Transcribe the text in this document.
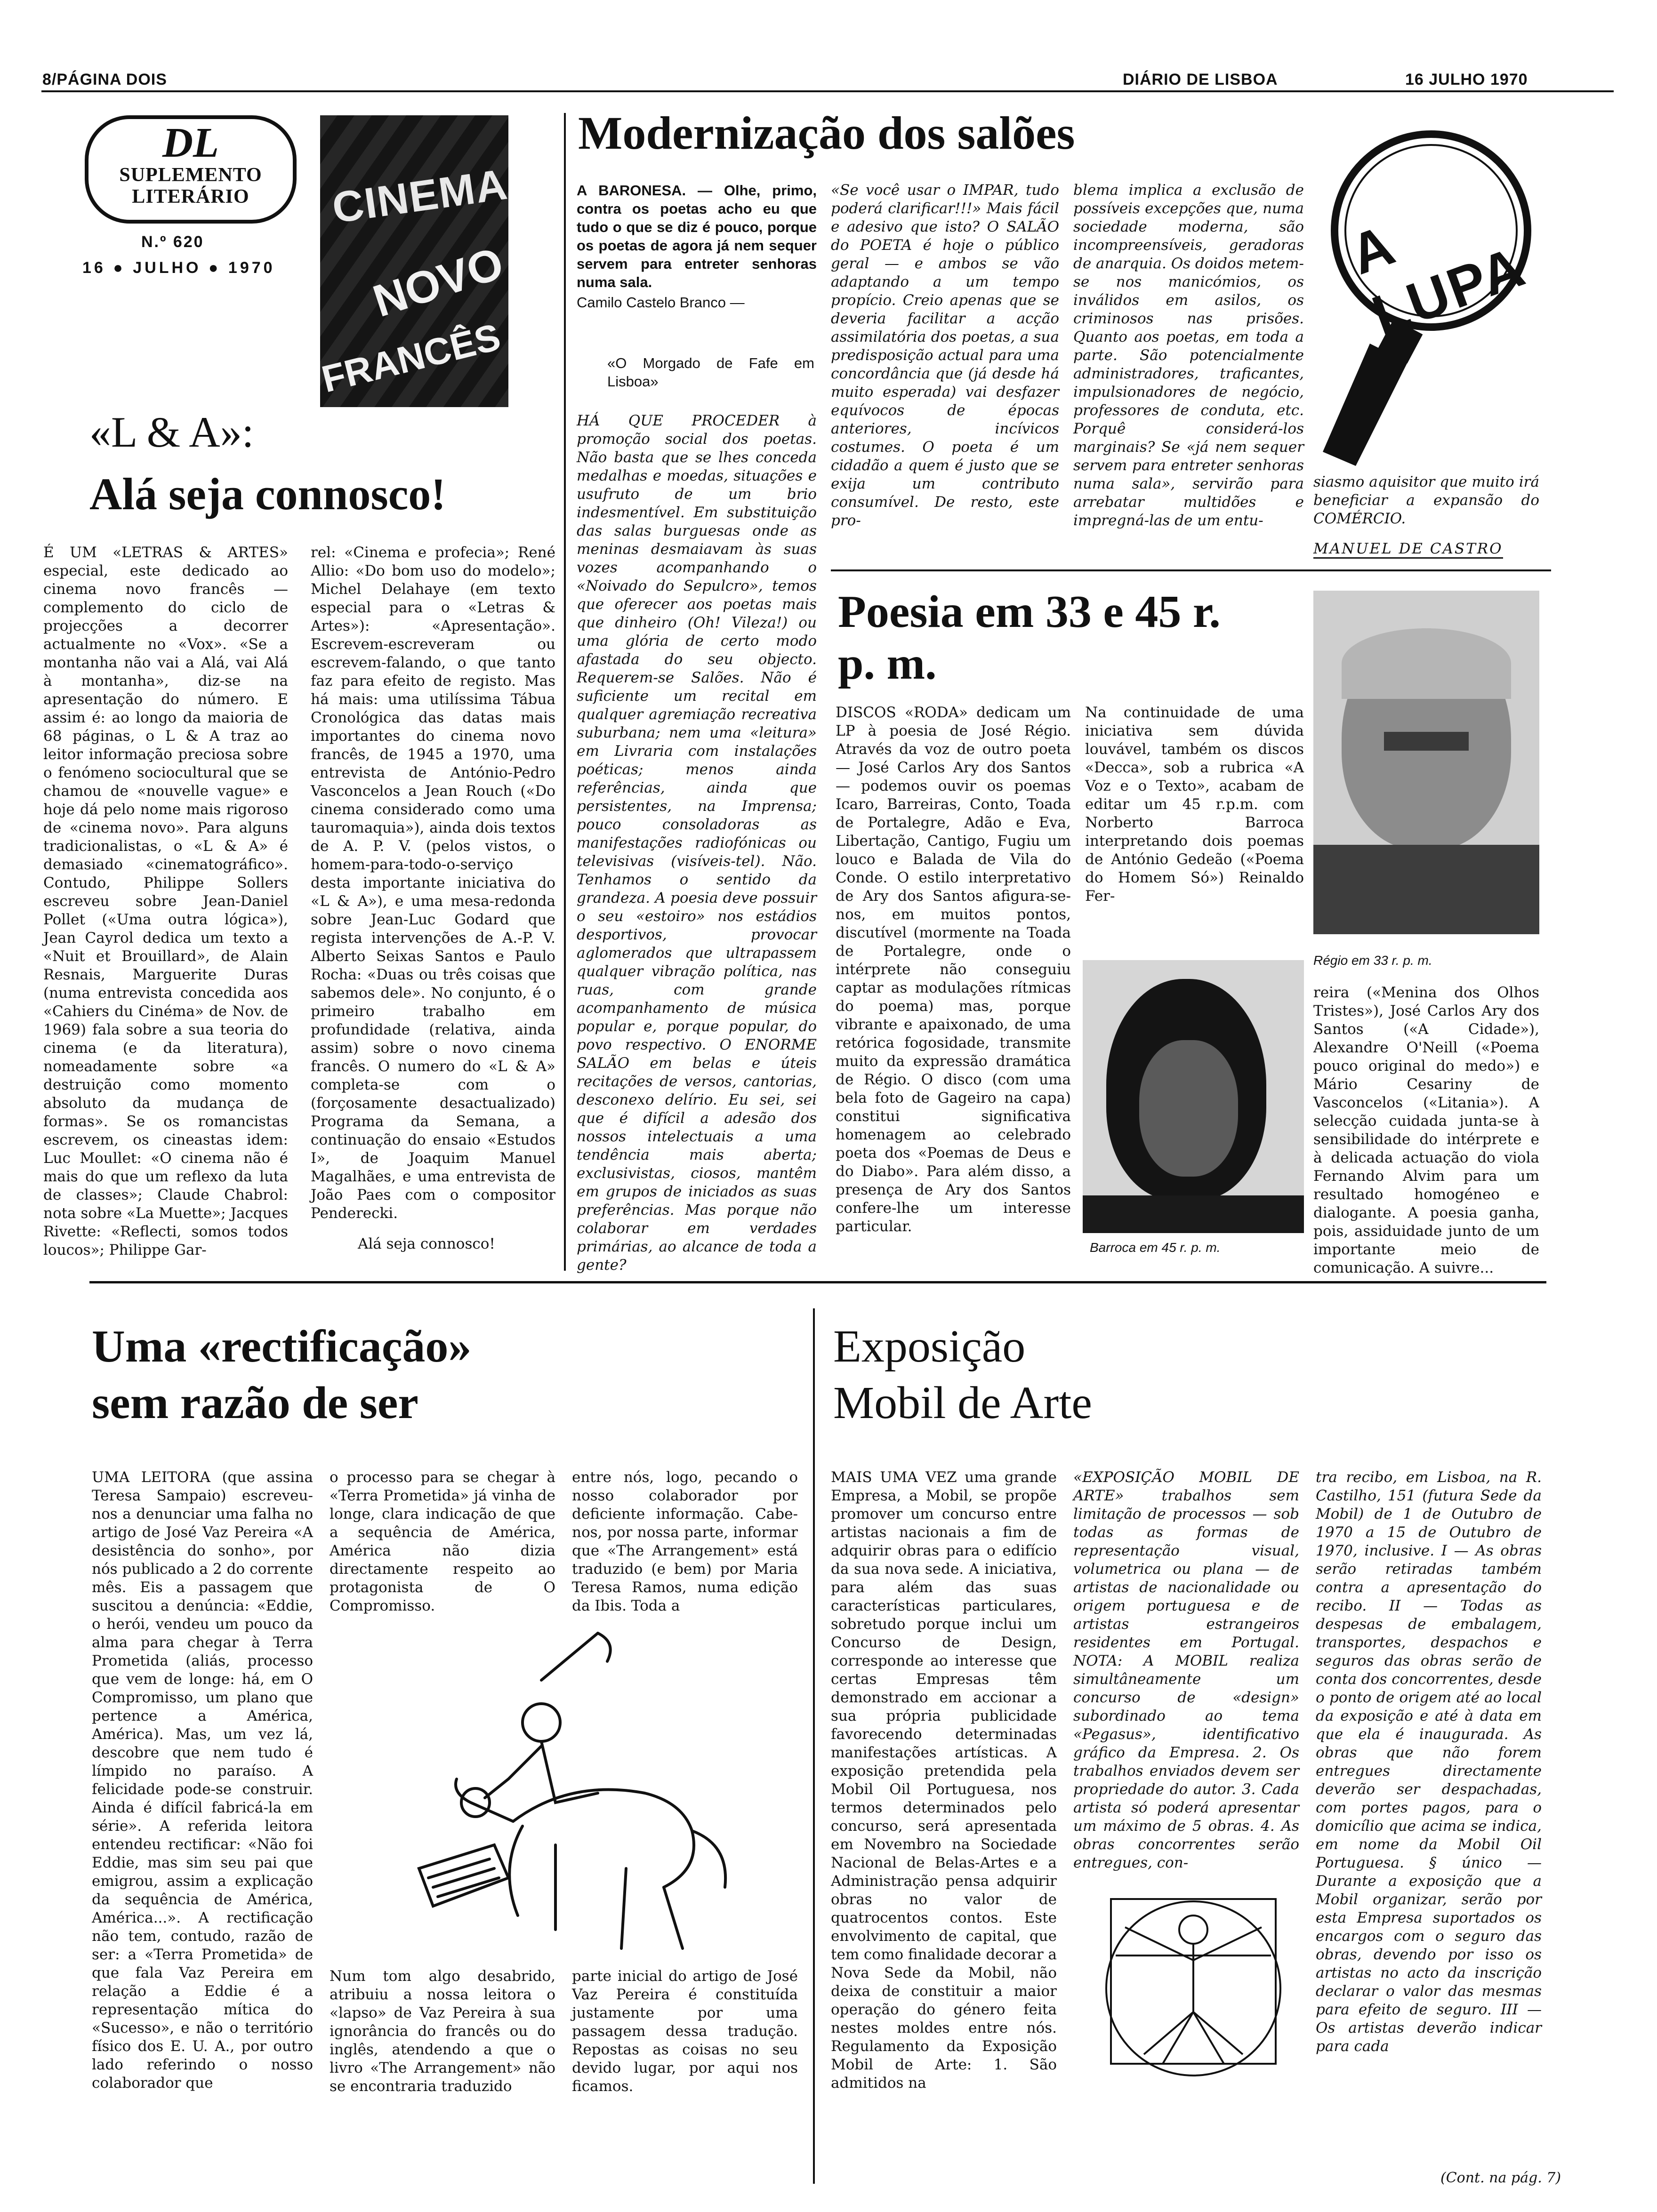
8/PÁGINA DOIS	DIÁRIO DE LISBOA	16 JULHO 1970
DL
SUPLEMENTO
LITERÁRIO
N.º 620
16 ● JULHO ● 1970
CINEMA
NOVO
FRANCÊS
«L & A»:
Alá seja connosco!

É UM «LETRAS & ARTES» especial, este dedicado ao cinema novo francês — complemento do ciclo de projecções a decorrer actualmente no «Vox». «Se a montanha não vai a Alá, vai Alá à montanha», diz-se na apresentação do número. E assim é: ao longo da maioria de 68 páginas, o L & A traz ao leitor informação preciosa sobre o fenómeno sociocultural que se chamou de «nouvelle vague» e hoje dá pelo nome mais rigoroso de «cinema novo». Para alguns tradicionalistas, o «L & A» é demasiado «cinematográfico». Contudo, Philippe Sollers escreveu sobre Jean-Daniel Pollet («Uma outra lógica»), Jean Cayrol dedica um texto a «Nuit et Brouillard», de Alain Resnais, Marguerite Duras (numa entrevista concedida aos «Cahiers du Cinéma» de Nov. de 1969) fala sobre a sua teoria do cinema (e da literatura), nomeadamente sobre «a destruição como momento absoluto da mudança de formas». Se os romancistas escrevem, os cineastas idem: Luc Moullet: «O cinema não é mais do que um reflexo da luta de classes»; Claude Chabrol: nota sobre «La Muette»; Jacques Rivette: «Reflecti, somos todos loucos»; Philippe Gar-

rel: «Cinema e profecia»; René Allio: «Do bom uso do modelo»; Michel Delahaye (em texto especial para o «Letras & Artes»): «Apresentação». Escrevem-escreveram ou escrevem-falando, o que tanto faz para efeito de registo. Mas há mais: uma utilíssima Tábua Cronológica das datas mais importantes do cinema novo francês, de 1945 a 1970, uma entrevista de António-Pedro Vasconcelos a Jean Rouch («Do cinema considerado como uma tauromaquia»), ainda dois textos de A. P. V. (pelos vistos, o homem-para-todo-o-serviço desta importante iniciativa do «L & A»), e uma mesa-redonda sobre Jean-Luc Godard que regista intervenções de A.-P. V. Alberto Seixas Santos e Paulo Rocha: «Duas ou três coisas que sabemos dele». No conjunto, é o primeiro trabalho em profundidade (relativa, ainda assim) sobre o novo cinema francês. O numero do «L & A» completa-se com o (forçosamente desactualizado) Programa da Semana, a continuação do ensaio «Estudos I», de Joaquim Manuel Magalhães, e uma entrevista de João Paes com o compositor Penderecki.

Alá seja connosco!
Modernização dos salões

A BARONESA. — Olhe, primo, contra os poetas acho eu que tudo o que se diz é pouco, porque os poetas de agora já nem sequer servem para entreter senhoras numa sala.

Camilo Castelo Branco —

«O Morgado de Fafe em Lisboa»

HÁ QUE PROCEDER à promoção social dos poetas. Não basta que se lhes conceda medalhas e moedas, situações e usufruto de um brio indesmentível. Em substituição das salas burguesas onde as meninas desmaiavam às suas vozes acompanhando o «Noivado do Sepulcro», temos que oferecer aos poetas mais que dinheiro (Oh! Vileza!) ou uma glória de certo modo afastada do seu objecto. Requerem-se Salões. Não é suficiente um recital em qualquer agremiação recreativa suburbana; nem uma «leitura» em Livraria com instalações poéticas; menos ainda referências, ainda que persistentes, na Imprensa; pouco consoladoras as manifestações radiofónicas ou televisivas (visíveis-tel). Não. Tenhamos o sentido da grandeza. A poesia deve possuir o seu «estoiro» nos estádios desportivos, provocar aglomerados que ultrapassem qualquer vibração política, nas ruas, com grande acompanhamento de música popular e, porque popular, do povo respectivo. O ENORME SALÃO em belas e úteis recitações de versos, cantorias, desconexo delírio. Eu sei, sei que é difícil a adesão dos nossos intelectuais a uma tendência mais aberta; exclusivistas, ciosos, mantêm em grupos de iniciados as suas preferências. Mas porque não colaborar em verdades primárias, ao alcance de toda a gente?

«Se você usar o IMPAR, tudo poderá clarificar!!!» Mais fácil e adesivo que isto? O SALÃO do POETA é hoje o público geral — e ambos se vão adaptando a um tempo propício. Creio apenas que se deveria facilitar a acção assimilatória dos poetas, a sua predisposição actual para uma concordância que (já desde há muito esperada) vai desfazer equívocos de épocas anteriores, incívicos costumes. O poeta é um cidadão a quem é justo que se exija um contributo consumível. De resto, este pro-

blema implica a exclusão de possíveis excepções que, numa sociedade moderna, são incompreensíveis, geradoras de anarquia. Os doidos metem-se nos manicómios, os inválidos em asilos, os criminosos nas prisões. Quanto aos poetas, em toda a parte. São potencialmente administradores, traficantes, impulsionadores de negócio, professores de conduta, etc. Porquê considerá-los marginais? Se «já nem sequer servem para entreter senhoras numa sala», servirão para arrebatar multidões e impregná-las de um entu-

A LUPA

siasmo aquisitor que muito irá beneficiar a expansão do COMÉRCIO.

MANUEL DE CASTRO
Poesia em 33 e 45 r. p. m.

DISCOS «RODA» dedicam um LP à poesia de José Régio. Através da voz de outro poeta — José Carlos Ary dos Santos — podemos ouvir os poemas Icaro, Barreiras, Conto, Toada de Portalegre, Adão e Eva, Libertação, Cantigo, Fugiu um louco e Balada de Vila do Conde. O estilo interpretativo de Ary dos Santos afigura-se-nos, em muitos pontos, discutível (mormente na Toada de Portalegre, onde o intérprete não conseguiu captar as modulações rítmicas do poema) mas, porque vibrante e apaixonado, de uma retórica fogosidade, transmite muito da expressão dramática de Régio. O disco (com uma bela foto de Gageiro na capa) constitui significativa homenagem ao celebrado poeta dos «Poemas de Deus e do Diabo». Para além disso, a presença de Ary dos Santos confere-lhe um interesse particular.

Na continuidade de uma iniciativa sem dúvida louvável, também os discos «Decca», sob a rubrica «A Voz e o Texto», acabam de editar um 45 r.p.m. com Norberto Barroca interpretando dois poemas de António Gedeão («Poema do Homem Só») Reinaldo Fer-

Barroca em 45 r. p. m.
Régio em 33 r. p. m.

reira («Menina dos Olhos Tristes»), José Carlos Ary dos Santos («A Cidade»), Alexandre O'Neill («Poema pouco original do medo») e Mário Cesariny de Vasconcelos («Litania»). A selecção cuidada junta-se à sensibilidade do intérprete e à delicada actuação do viola Fernando Alvim para um resultado homogéneo e dialogante. A poesia ganha, pois, assiduidade junto de um importante meio de comunicação. A suivre...

Uma «rectificação»
sem razão de ser

UMA LEITORA (que assina Teresa Sampaio) escreveu-nos a denunciar uma falha no artigo de José Vaz Pereira «A desistência do sonho», por nós publicado a 2 do corrente mês. Eis a passagem que suscitou a denúncia: «Eddie, o herói, vendeu um pouco da alma para chegar à Terra Prometida (aliás, processo que vem de longe: há, em O Compromisso, um plano que pertence a América, América). Mas, um vez lá, descobre que nem tudo é límpido no paraíso. A felicidade pode-se construir. Ainda é difícil fabricá-la em série». A referida leitora entendeu rectificar: «Não foi Eddie, mas sim seu pai que emigrou, assim a explicação da sequência de América, América...». A rectificação não tem, contudo, razão de ser: a «Terra Prometida» de que fala Vaz Pereira em relação a Eddie é a representação mítica do «Sucesso», e não o território físico dos E. U. A., por outro lado referindo o nosso colaborador que

o processo para se chegar à «Terra Prometida» já vinha de longe, clara indicação de que a sequência de América, América não dizia directamente respeito ao protagonista de O Compromisso.

entre nós, logo, pecando o nosso colaborador por deficiente informação. Cabe-nos, por nossa parte, informar que «The Arrangement» está traduzido (e bem) por Maria Teresa Ramos, numa edição da Ibis. Toda a

Num tom algo desabrido, atribuiu a nossa leitora o «lapso» de Vaz Pereira à sua ignorância do francês ou do inglês, atendendo a que o livro «The Arrangement» não se encontraria traduzido

parte inicial do artigo de José Vaz Pereira é constituída justamente por uma passagem dessa tradução. Repostas as coisas no seu devido lugar, por aqui nos ficamos.

Exposição
Mobil de Arte

MAIS UMA VEZ uma grande Empresa, a Mobil, se propõe promover um concurso entre artistas nacionais a fim de adquirir obras para o edifício da sua nova sede. A iniciativa, para além das suas características particulares, sobretudo porque inclui um Concurso de Design, corresponde ao interesse que certas Empresas têm demonstrado em accionar a sua própria publicidade favorecendo determinadas manifestações artísticas. A exposição pretendida pela Mobil Oil Portuguesa, nos termos determinados pelo concurso, será apresentada em Novembro na Sociedade Nacional de Belas-Artes e a Administração pensa adquirir obras no valor de quatrocentos contos. Este envolvimento de capital, que tem como finalidade decorar a Nova Sede da Mobil, não deixa de constituir a maior operação do género feita nestes moldes entre nós. Regulamento da Exposição Mobil de Arte: 1. São admitidos na

«EXPOSIÇÃO MOBIL DE ARTE» trabalhos sem limitação de processos — sob todas as formas de representação visual, volumetrica ou plana — de artistas de nacionalidade ou origem portuguesa e de artistas estrangeiros residentes em Portugal. NOTA: A MOBIL realiza simultâneamente um concurso de «design» subordinado ao tema «Pegasus», identificativo gráfico da Empresa. 2. Os trabalhos enviados devem ser propriedade do autor. 3. Cada artista só poderá apresentar um máximo de 5 obras. 4. As obras concorrentes serão entregues, con-

tra recibo, em Lisboa, na R. Castilho, 151 (futura Sede da Mobil) de 1 de Outubro de 1970 a 15 de Outubro de 1970, inclusive. I — As obras serão retiradas também contra a apresentação do recibo. II — Todas as despesas de embalagem, transportes, despachos e seguros das obras serão de conta dos concorrentes, desde o ponto de origem até ao local da exposição e até à data em que ela é inaugurada. As obras que não forem entregues directamente deverão ser despachadas, com portes pagos, para o domicílio que acima se indica, em nome da Mobil Oil Portuguesa. § único — Durante a exposição que a Mobil organizar, serão por esta Empresa suportados os encargos com o seguro das obras, devendo por isso os artistas no acto da inscrição declarar o valor das mesmas para efeito de seguro. III — Os artistas deverão indicar para cada

(Cont. na pág. 7)
